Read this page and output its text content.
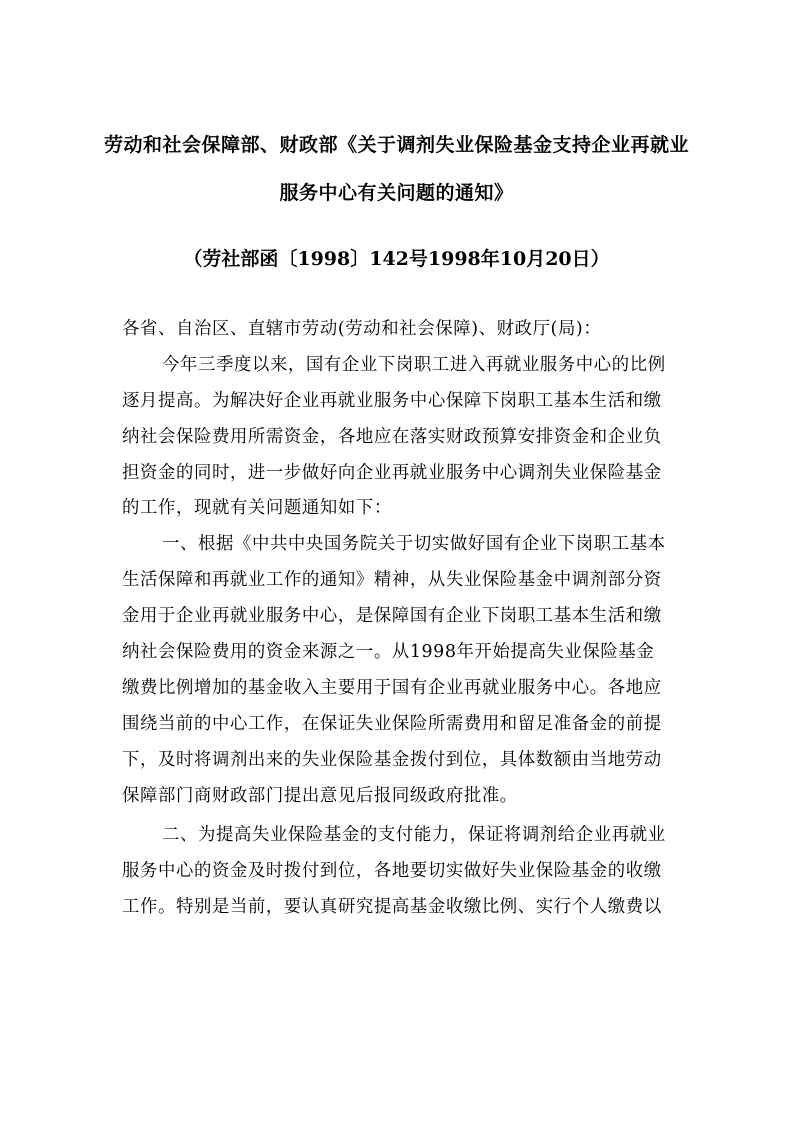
劳动和社会保障部、财政部《关于调剂失业保险基金支持企业再就业
服务中心有关问题的通知》
（劳社部函〔1998〕142号1998年10月20日）
各省、自治区、直辖市劳动(劳动和社会保障)、财政厅(局)：
今年三季度以来，国有企业下岗职工进入再就业服务中心的比例
逐月提高。为解决好企业再就业服务中心保障下岗职工基本生活和缴
纳社会保险费用所需资金，各地应在落实财政预算安排资金和企业负
担资金的同时，进一步做好向企业再就业服务中心调剂失业保险基金
的工作，现就有关问题通知如下：
一、根据《中共中央国务院关于切实做好国有企业下岗职工基本
生活保障和再就业工作的通知》精神，从失业保险基金中调剂部分资
金用于企业再就业服务中心，是保障国有企业下岗职工基本生活和缴
纳社会保险费用的资金来源之一。从1998年开始提高失业保险基金
缴费比例增加的基金收入主要用于国有企业再就业服务中心。各地应
围绕当前的中心工作，在保证失业保险所需费用和留足准备金的前提
下，及时将调剂出来的失业保险基金拨付到位，具体数额由当地劳动
保障部门商财政部门提出意见后报同级政府批准。
二、为提高失业保险基金的支付能力，保证将调剂给企业再就业
服务中心的资金及时拨付到位，各地要切实做好失业保险基金的收缴
工作。特别是当前，要认真研究提高基金收缴比例、实行个人缴费以
